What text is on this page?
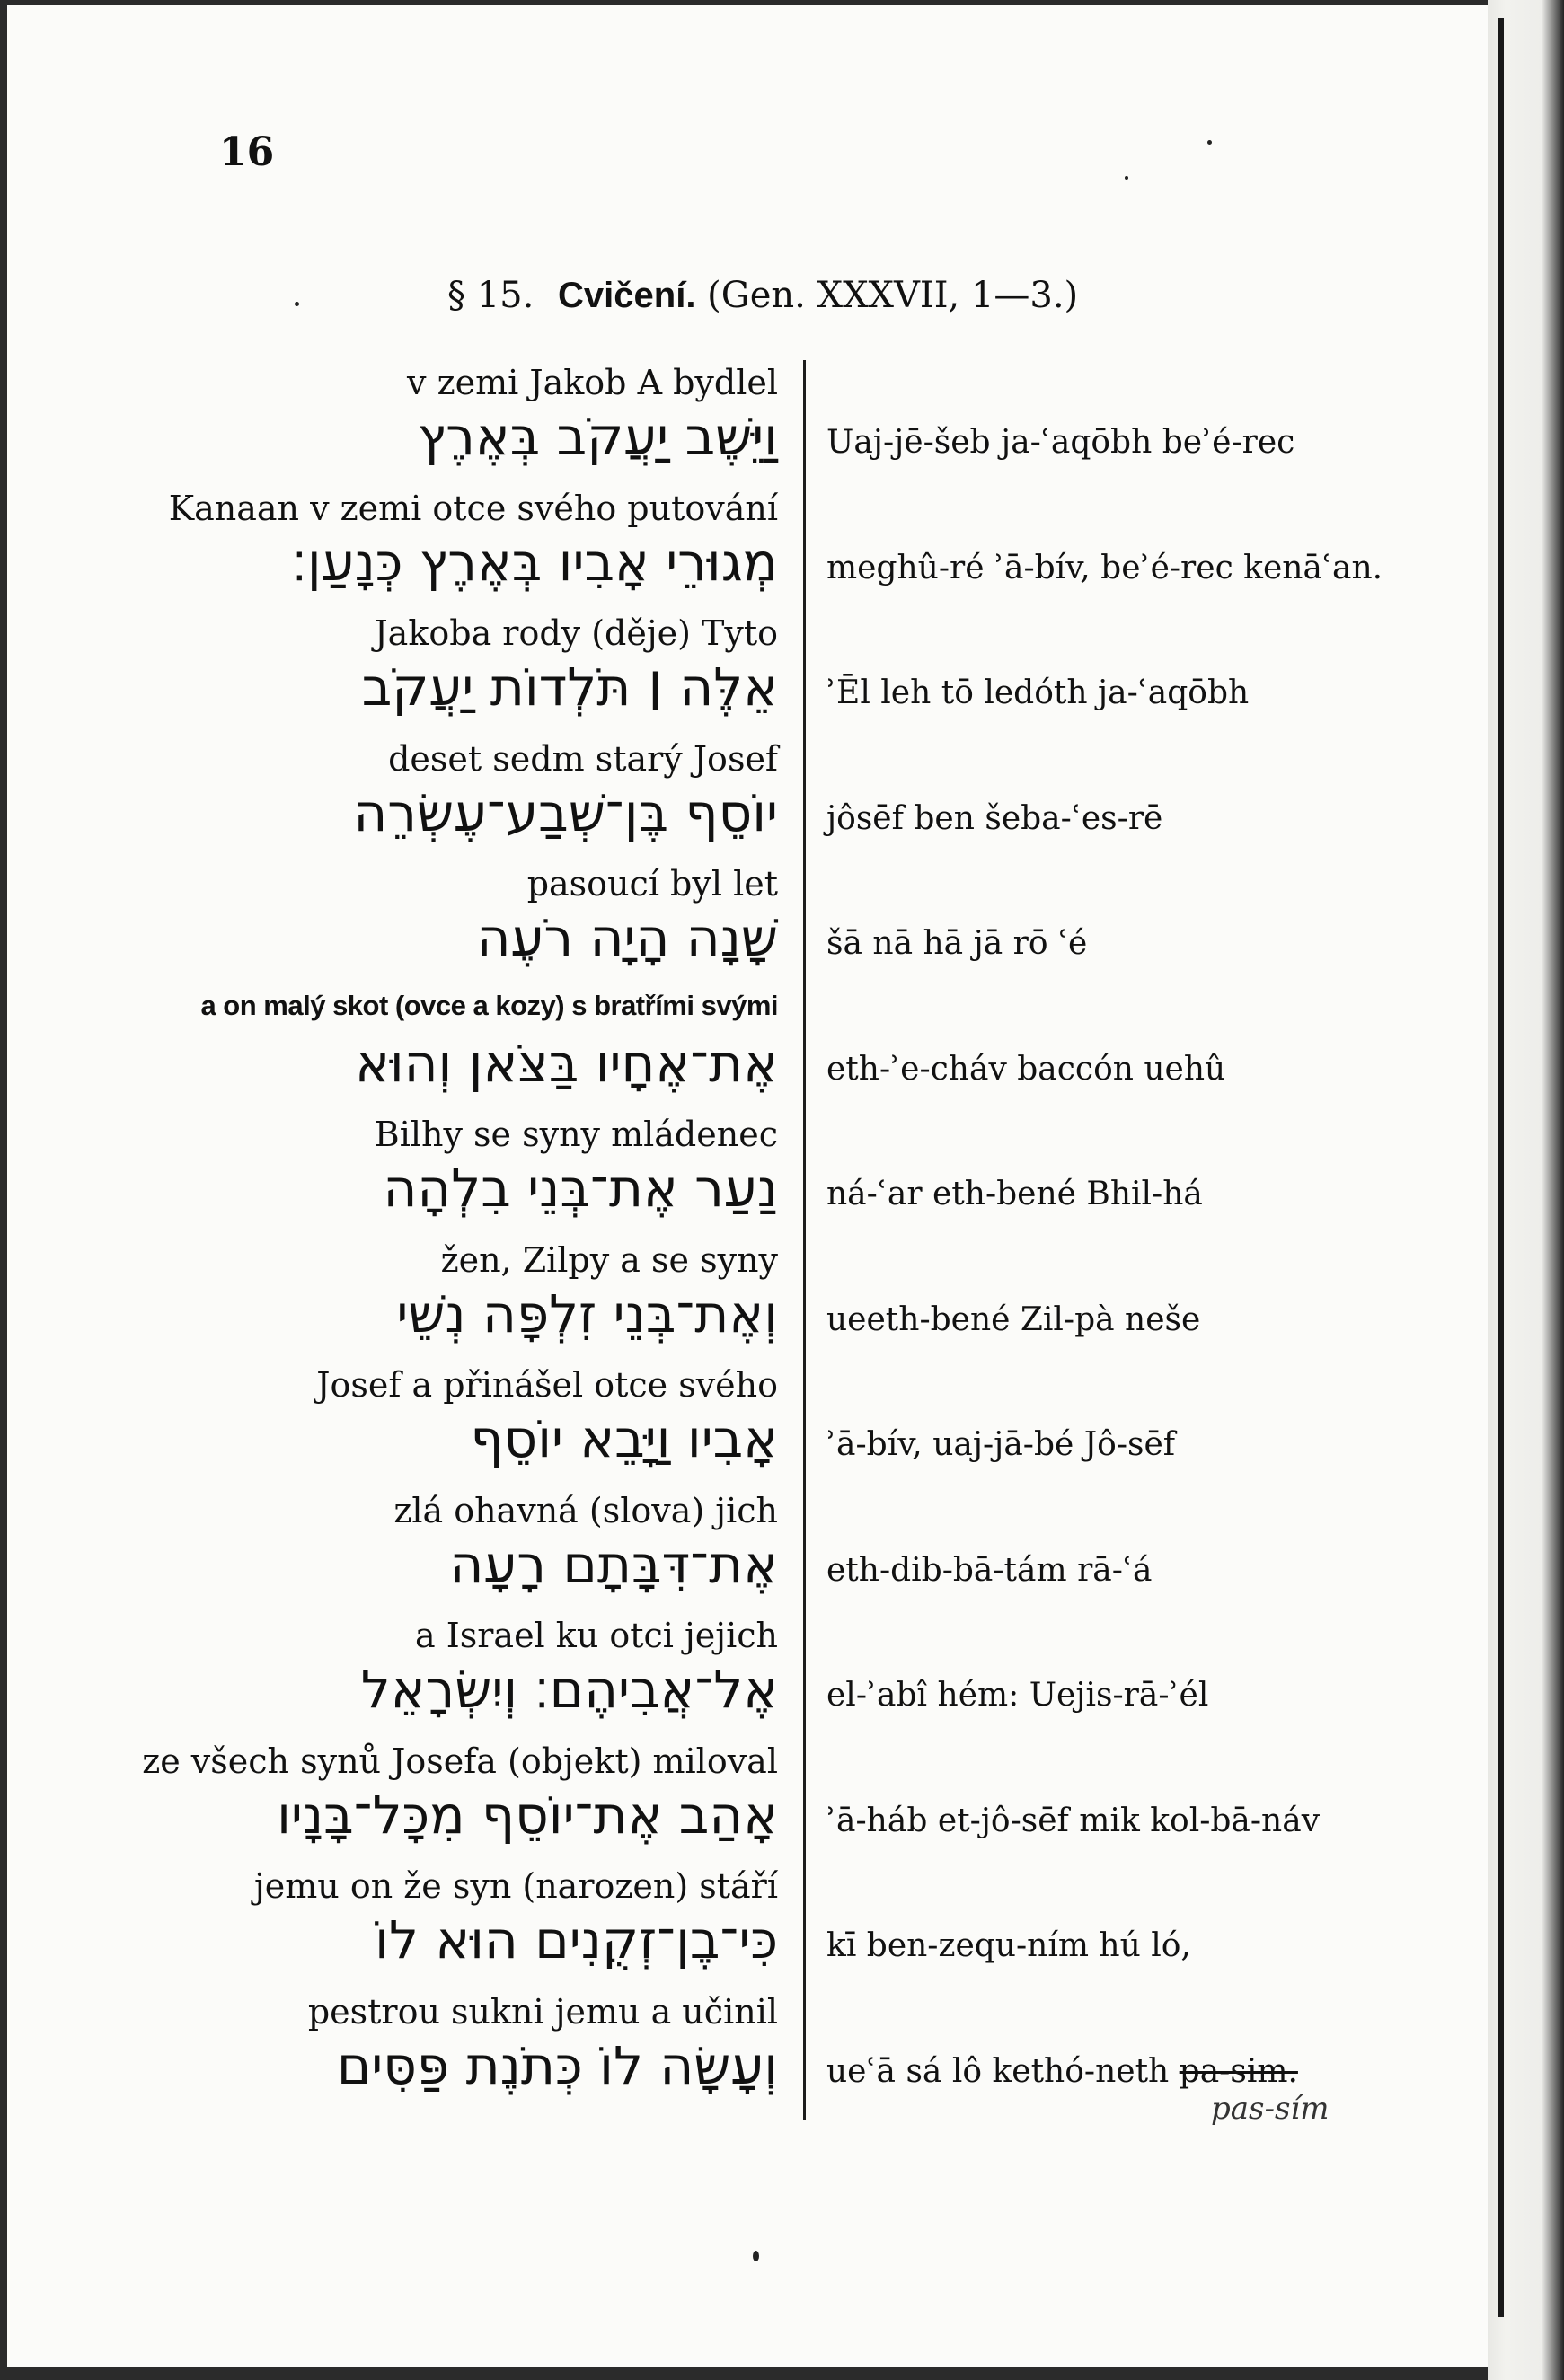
16
§ 15. Cvičení. (Gen. XXXVII, 1—3.)
v zemi Jakob A bydlel
וַיֵּשֶׁב יַעֲקֹב בְּאֶרֶץ Uaj-jē-šeb ja-ʿaqōbh beʾé-rec
Kanaan v zemi otce svého putování
מְגוּרֵי אָבִיו בְּאֶרֶץ כְּנָעַן׃ meghû-ré ʾā-bív, beʾé-rec kenāʿan.
Jakoba rody (děje) Tyto
אֵלֶּה ׀ תֹּלְדוֹת יַעֲקֹב ʾĒl leh tō ledóth ja-ʿaqōbh
deset sedm starý Josef
יוֹסֵף בֶּן־שְׁבַע־עֶשְׂרֵה jôsēf ben šeba-ʿes-rē
pasoucí byl let
שָׁנָה הָיָה רֹעֶה šā nā hā jā rō ʿé
a on malý skot (ovce a kozy) s bratřími svými
אֶת־אֶחָיו בַּצֹּאן וְהוּא eth-ʾe-cháv baccón uehû
Bilhy se syny mládenec
נַעַר אֶת־בְּנֵי בִלְהָה ná-ʿar eth-bené Bhil-há
žen, Zilpy a se syny
וְאֶת־בְּנֵי זִלְפָּה נְשֵׁי ueeth-bené Zil-pà neše
Josef a přinášel otce svého
אָבִיו וַיָּבֵא יוֹסֵף ʾā-bív, uaj-jā-bé Jô-sēf
zlá ohavná (slova) jich
אֶת־דִּבָּתָם רָעָה eth-dib-bā-tám rā-ʿá
a Israel ku otci jejich
אֶל־אֲבִיהֶם׃ וְיִשְׂרָאֵל el-ʾabî hém: Uejis-rā-ʾél
ze všech synů Josefa (objekt) miloval
אָהַב אֶת־יוֹסֵף מִכָּל־בָּנָיו ʾā-háb et-jô-sēf mik kol-bā-náv
jemu on že syn (narozen) stáří
כִּי־בֶן־זְקֻנִים הוּא לוֹ kī ben-zequ-ním hú ló,
pestrou sukni jemu a učinil
וְעָשָׂה לוֹ כְּתֹנֶת פַּסִּים ueʿā sá lô kethó-neth pa-sim.
pas-sím
